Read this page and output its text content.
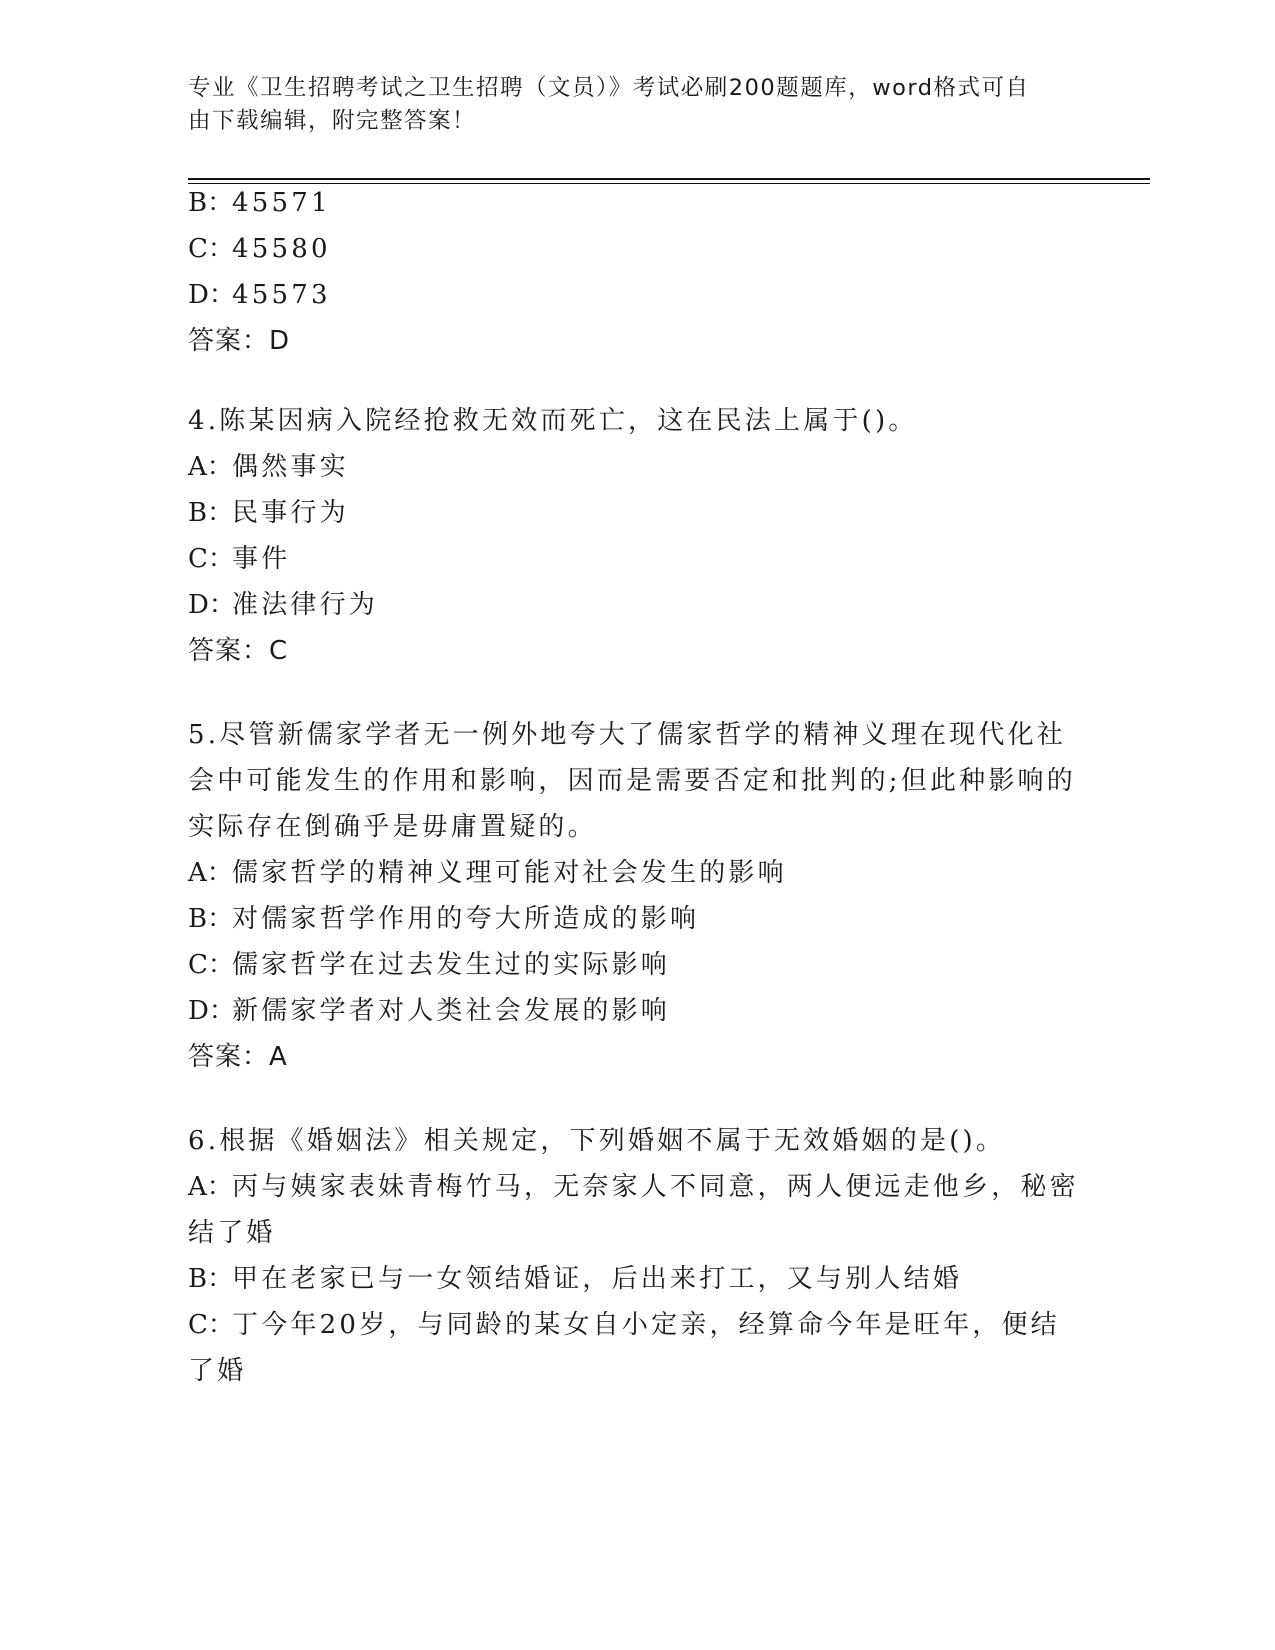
专业《卫生招聘考试之卫生招聘（文员）》考试必刷200题题库，word格式可自
由下载编辑，附完整答案！
B：45571
C：45580
D：45573
答案：D
4.陈某因病入院经抢救无效而死亡，这在民法上属于()。
A：偶然事实
B：民事行为
C：事件
D：准法律行为
答案：C
5.尽管新儒家学者无一例外地夸大了儒家哲学的精神义理在现代化社
会中可能发生的作用和影响，因而是需要否定和批判的;但此种影响的
实际存在倒确乎是毋庸置疑的。
A：儒家哲学的精神义理可能对社会发生的影响
B：对儒家哲学作用的夸大所造成的影响
C：儒家哲学在过去发生过的实际影响
D：新儒家学者对人类社会发展的影响
答案：A
6.根据《婚姻法》相关规定，下列婚姻不属于无效婚姻的是()。
A：丙与姨家表妹青梅竹马，无奈家人不同意，两人便远走他乡，秘密
结了婚
B：甲在老家已与一女领结婚证，后出来打工，又与别人结婚
C：丁今年20岁，与同龄的某女自小定亲，经算命今年是旺年，便结
了婚
